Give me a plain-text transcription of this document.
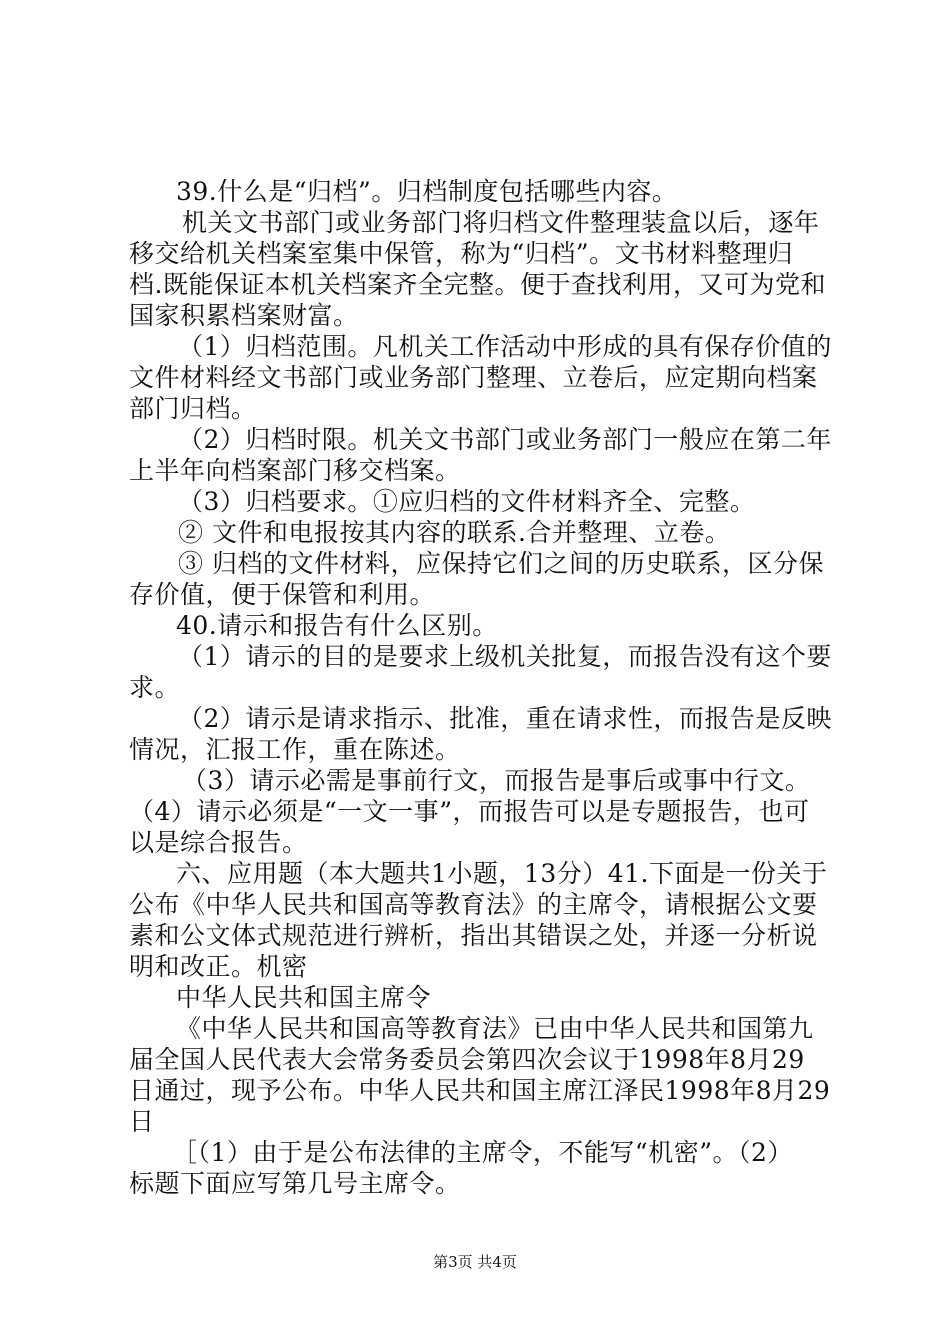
39.什么是“归档”。归档制度包括哪些内容。
机关文书部门或业务部门将归档文件整理装盒以后，逐年
移交给机关档案室集中保管，称为“归档”。文书材料整理归
档.既能保证本机关档案齐全完整。便于查找利用，又可为党和
国家积累档案财富。
（1）归档范围。凡机关工作活动中形成的具有保存价值的
文件材料经文书部门或业务部门整理、立卷后，应定期向档案
部门归档。
（2）归档时限。机关文书部门或业务部门一般应在第二年
上半年向档案部门移交档案。
（3）归档要求。①应归档的文件材料齐全、完整。
② 文件和电报按其内容的联系.合并整理、立卷。
③ 归档的文件材料，应保持它们之间的历史联系，区分保
存价值，便于保管和利用。
40.请示和报告有什么区别。
（1）请示的目的是要求上级机关批复，而报告没有这个要
求。
（2）请示是请求指示、批准，重在请求性，而报告是反映
情况，汇报工作，重在陈述。
（3）请示必需是事前行文，而报告是事后或事中行文。
（4）请示必须是“一文一事”，而报告可以是专题报告，也可
以是综合报告。
六、应用题（本大题共1小题，13分）41.下面是一份关于
公布《中华人民共和国高等教育法》的主席令，请根据公文要
素和公文体式规范进行辨析，指出其错误之处，并逐一分析说
明和改正。机密
中华人民共和国主席令
《中华人民共和国高等教育法》已由中华人民共和国第九
届全国人民代表大会常务委员会第四次会议于1998年8月29
日通过，现予公布。中华人民共和国主席江泽民1998年8月29
日
［（1）由于是公布法律的主席令，不能写“机密”。（2）
标题下面应写第几号主席令。
第3页 共4页
